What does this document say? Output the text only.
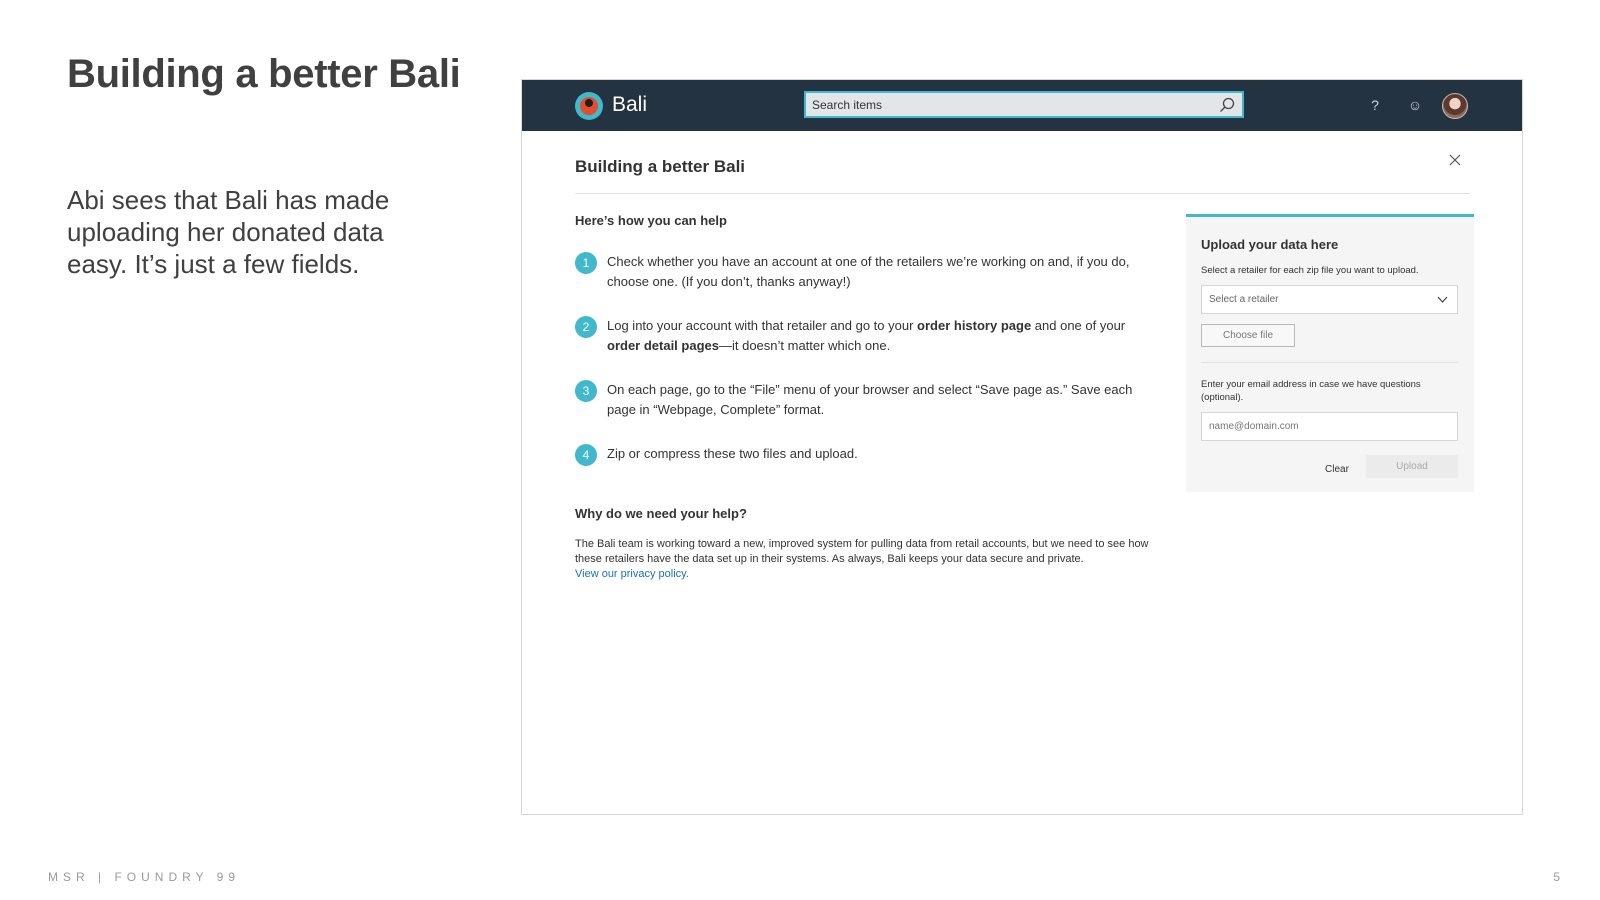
Building a better Bali
Abi sees that Bali has made uploading her donated data easy. It’s just a few fields.
MSR | FOUNDRY 99	5
Bali
Search items	?	☺
Building a better Bali
Here’s how you can help
1	Check whether you have an account at one of the retailers we’re working on and, if you do, choose one. (If you don’t, thanks anyway!)
2	Log into your account with that retailer and go to your order history page and one of your order detail pages—it doesn’t matter which one.
3	On each page, go to the “File” menu of your browser and select “Save page as.” Save each page in “Webpage, Complete” format.
4	Zip or compress these two files and upload.
Why do we need your help?
The Bali team is working toward a new, improved system for pulling data from retail accounts, but we need to see how these retailers have the data set up in their systems. As always, Bali keeps your data secure and private.
View our privacy policy.
Upload your data here
Select a retailer for each zip file you want to upload.
Select a retailer
Choose file
Enter your email address in case we have questions (optional).
name@domain.com
Clear	Upload
